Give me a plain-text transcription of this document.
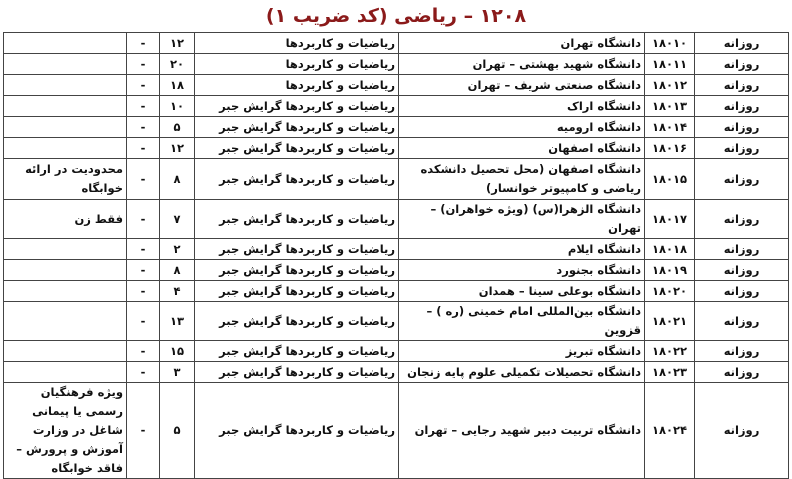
۱۲۰۸ – ریاضی (کد ضریب ۱)
روزانه	۱۸۰۱۰	دانشگاه تهران	ریاضیات و کاربردها	۱۲	-	
روزانه	۱۸۰۱۱	دانشگاه شهید بهشتی – تهران	ریاضیات و کاربردها	۲۰	-	
روزانه	۱۸۰۱۲	دانشگاه صنعتی شریف – تهران	ریاضیات و کاربردها	۱۸	-	
روزانه	۱۸۰۱۳	دانشگاه اراک	ریاضیات و کاربردها گرایش جبر	۱۰	-	
روزانه	۱۸۰۱۴	دانشگاه ارومیه	ریاضیات و کاربردها گرایش جبر	۵	-	
روزانه	۱۸۰۱۶	دانشگاه اصفهان	ریاضیات و کاربردها گرایش جبر	۱۲	-	
روزانه	۱۸۰۱۵	دانشگاه اصفهان (محل تحصیل دانشکده ریاضی و کامپیوتر خوانسار)	ریاضیات و کاربردها گرایش جبر	۸	-	محدودیت در ارائه خوابگاه
روزانه	۱۸۰۱۷	دانشگاه الزهرا(س) (ویژه خواهران) – تهران	ریاضیات و کاربردها گرایش جبر	۷	-	فقط زن
روزانه	۱۸۰۱۸	دانشگاه ایلام	ریاضیات و کاربردها گرایش جبر	۲	-	
روزانه	۱۸۰۱۹	دانشگاه بجنورد	ریاضیات و کاربردها گرایش جبر	۸	-	
روزانه	۱۸۰۲۰	دانشگاه بوعلی سینا – همدان	ریاضیات و کاربردها گرایش جبر	۴	-	
روزانه	۱۸۰۲۱	دانشگاه بین‌المللی امام خمینی (ره ) – قزوین	ریاضیات و کاربردها گرایش جبر	۱۳	-	
روزانه	۱۸۰۲۲	دانشگاه تبریز	ریاضیات و کاربردها گرایش جبر	۱۵	-	
روزانه	۱۸۰۲۳	دانشگاه تحصیلات تکمیلی علوم پایه زنجان	ریاضیات و کاربردها گرایش جبر	۳	-	
روزانه	۱۸۰۲۴	دانشگاه تربیت دبیر شهید رجایی – تهران	ریاضیات و کاربردها گرایش جبر	۵	-	ویژه فرهنگیان رسمی یا پیمانی شاغل در وزارت آموزش و پرورش – فاقد خوابگاه
